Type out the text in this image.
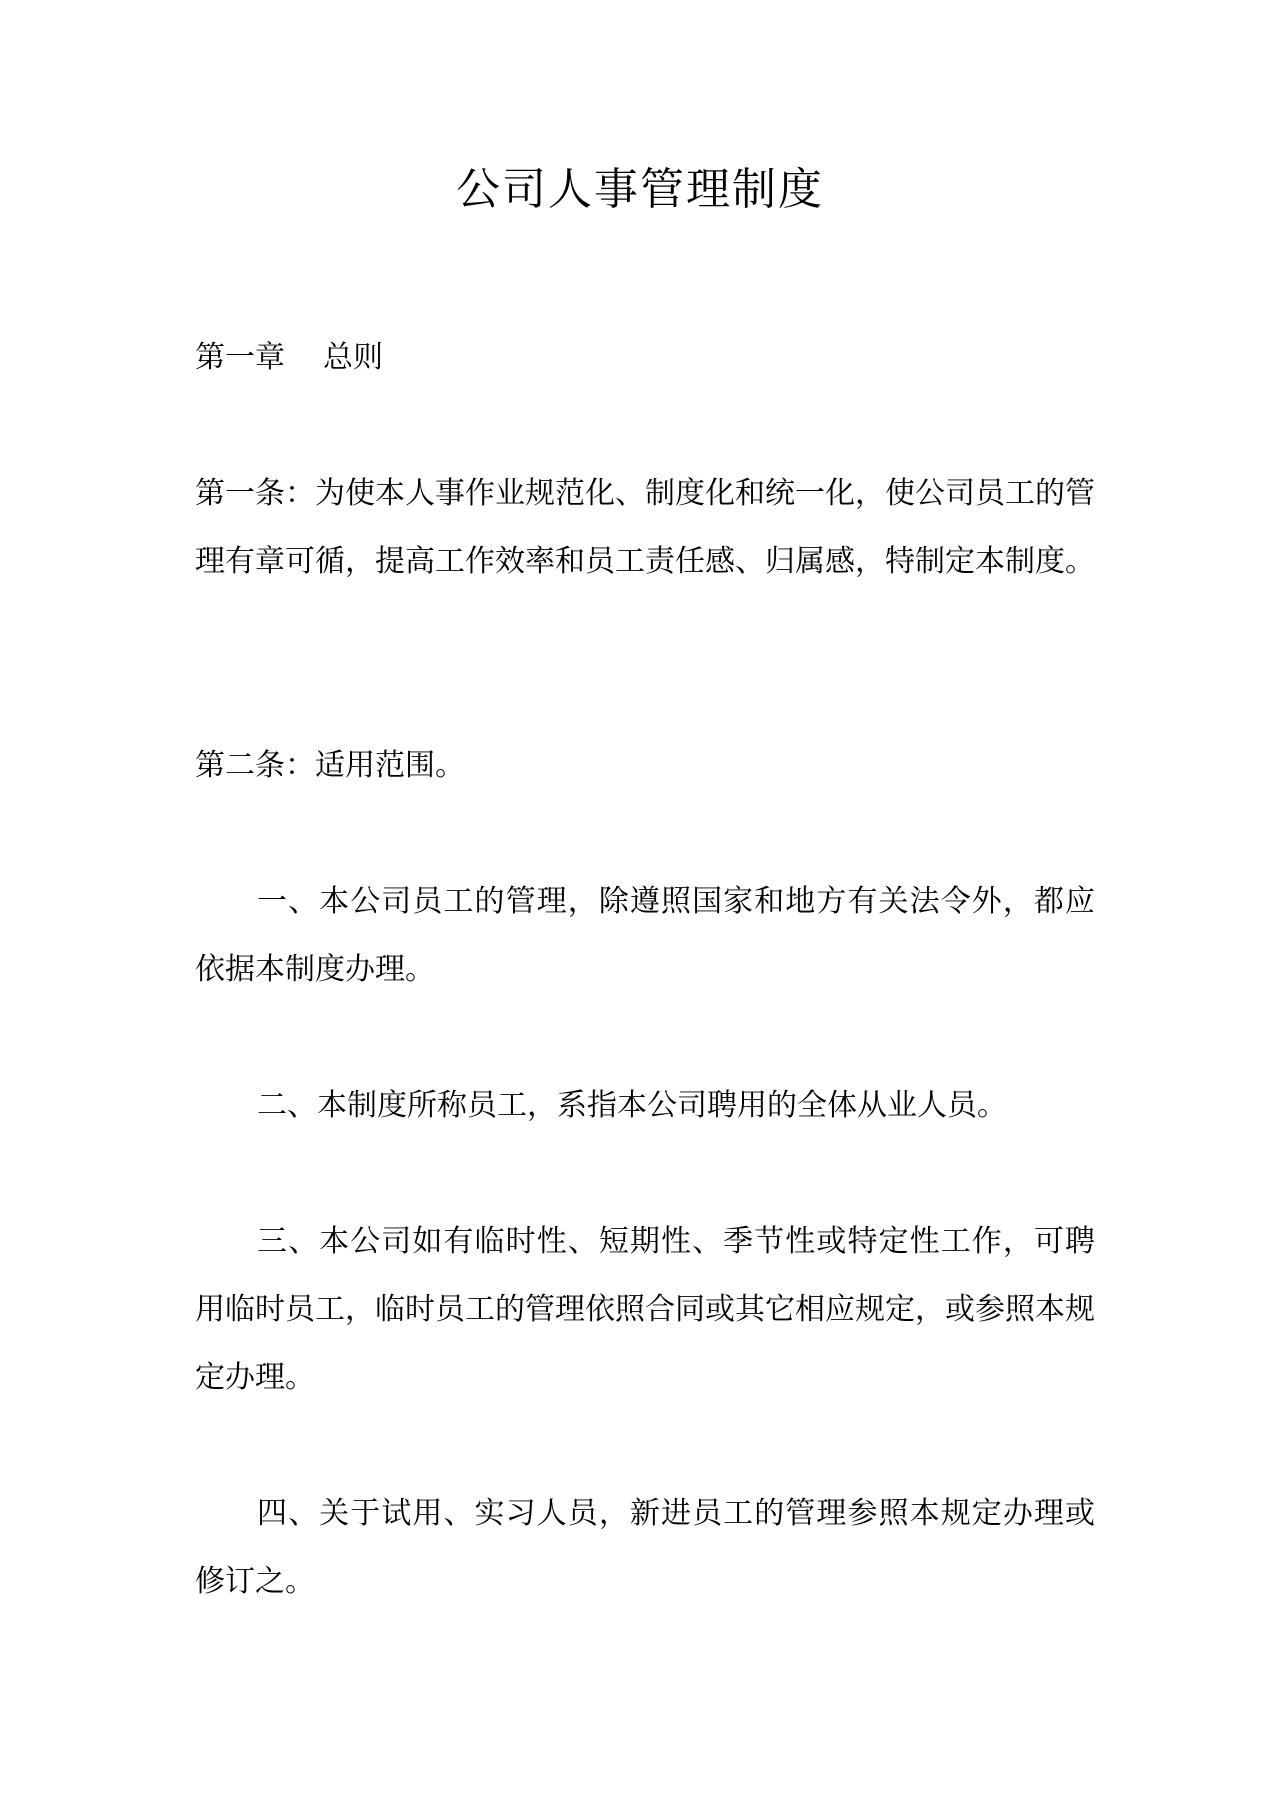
公司人事管理制度

第一章 总则

第一条：为使本人事作业规范化、制度化和统一化，使公司员工的管理有章可循，提高工作效率和员工责任感、归属感，特制定本制度。

第二条：适用范围。

一、本公司员工的管理，除遵照国家和地方有关法令外，都应依据本制度办理。

二、本制度所称员工，系指本公司聘用的全体从业人员。

三、本公司如有临时性、短期性、季节性或特定性工作，可聘用临时员工，临时员工的管理依照合同或其它相应规定，或参照本规定办理。

四、关于试用、实习人员，新进员工的管理参照本规定办理或修订之。
